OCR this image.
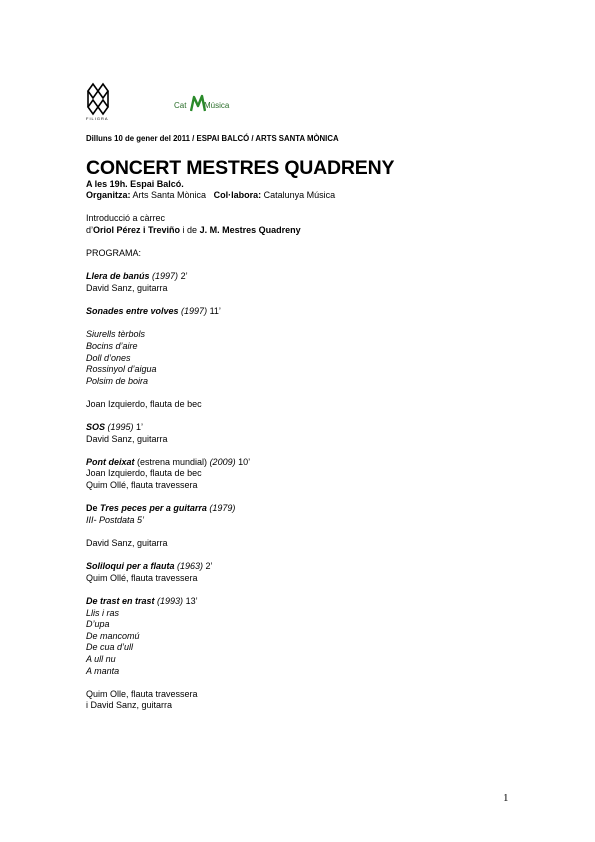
FILIGRA
Cat Música
Dilluns 10 de gener del 2011 / ESPAI BALCÓ / ARTS SANTA MÒNICA
CONCERT MESTRES QUADRENY
A les 19h. Espai Balcó.
Organitza: Arts Santa Mònica Col·labora: Catalunya Música
Introducció a càrrec
d’Oriol Pérez i Treviño i de J. M. Mestres Quadreny
PROGRAMA:
Llera de banús (1997) 2’
David Sanz, guitarra
Sonades entre volves (1997) 11’
Siurells tèrbols
Bocins d’aire
Doll d’ones
Rossinyol d’aigua
Polsim de boira
Joan Izquierdo, flauta de bec
SOS (1995) 1’
David Sanz, guitarra
Pont deixat (estrena mundial) (2009) 10’
Joan Izquierdo, flauta de bec
Quim Ollé, flauta travessera
De Tres peces per a guitarra (1979)
III- Postdata 5’
David Sanz, guitarra
Soliloqui per a flauta (1963) 2’
Quim Ollé, flauta travessera
De trast en trast (1993) 13’
Llis i ras
D’upa
De mancomú
De cua d’ull
A ull nu
A manta
Quim Olle, flauta travessera
i David Sanz, guitarra
1
